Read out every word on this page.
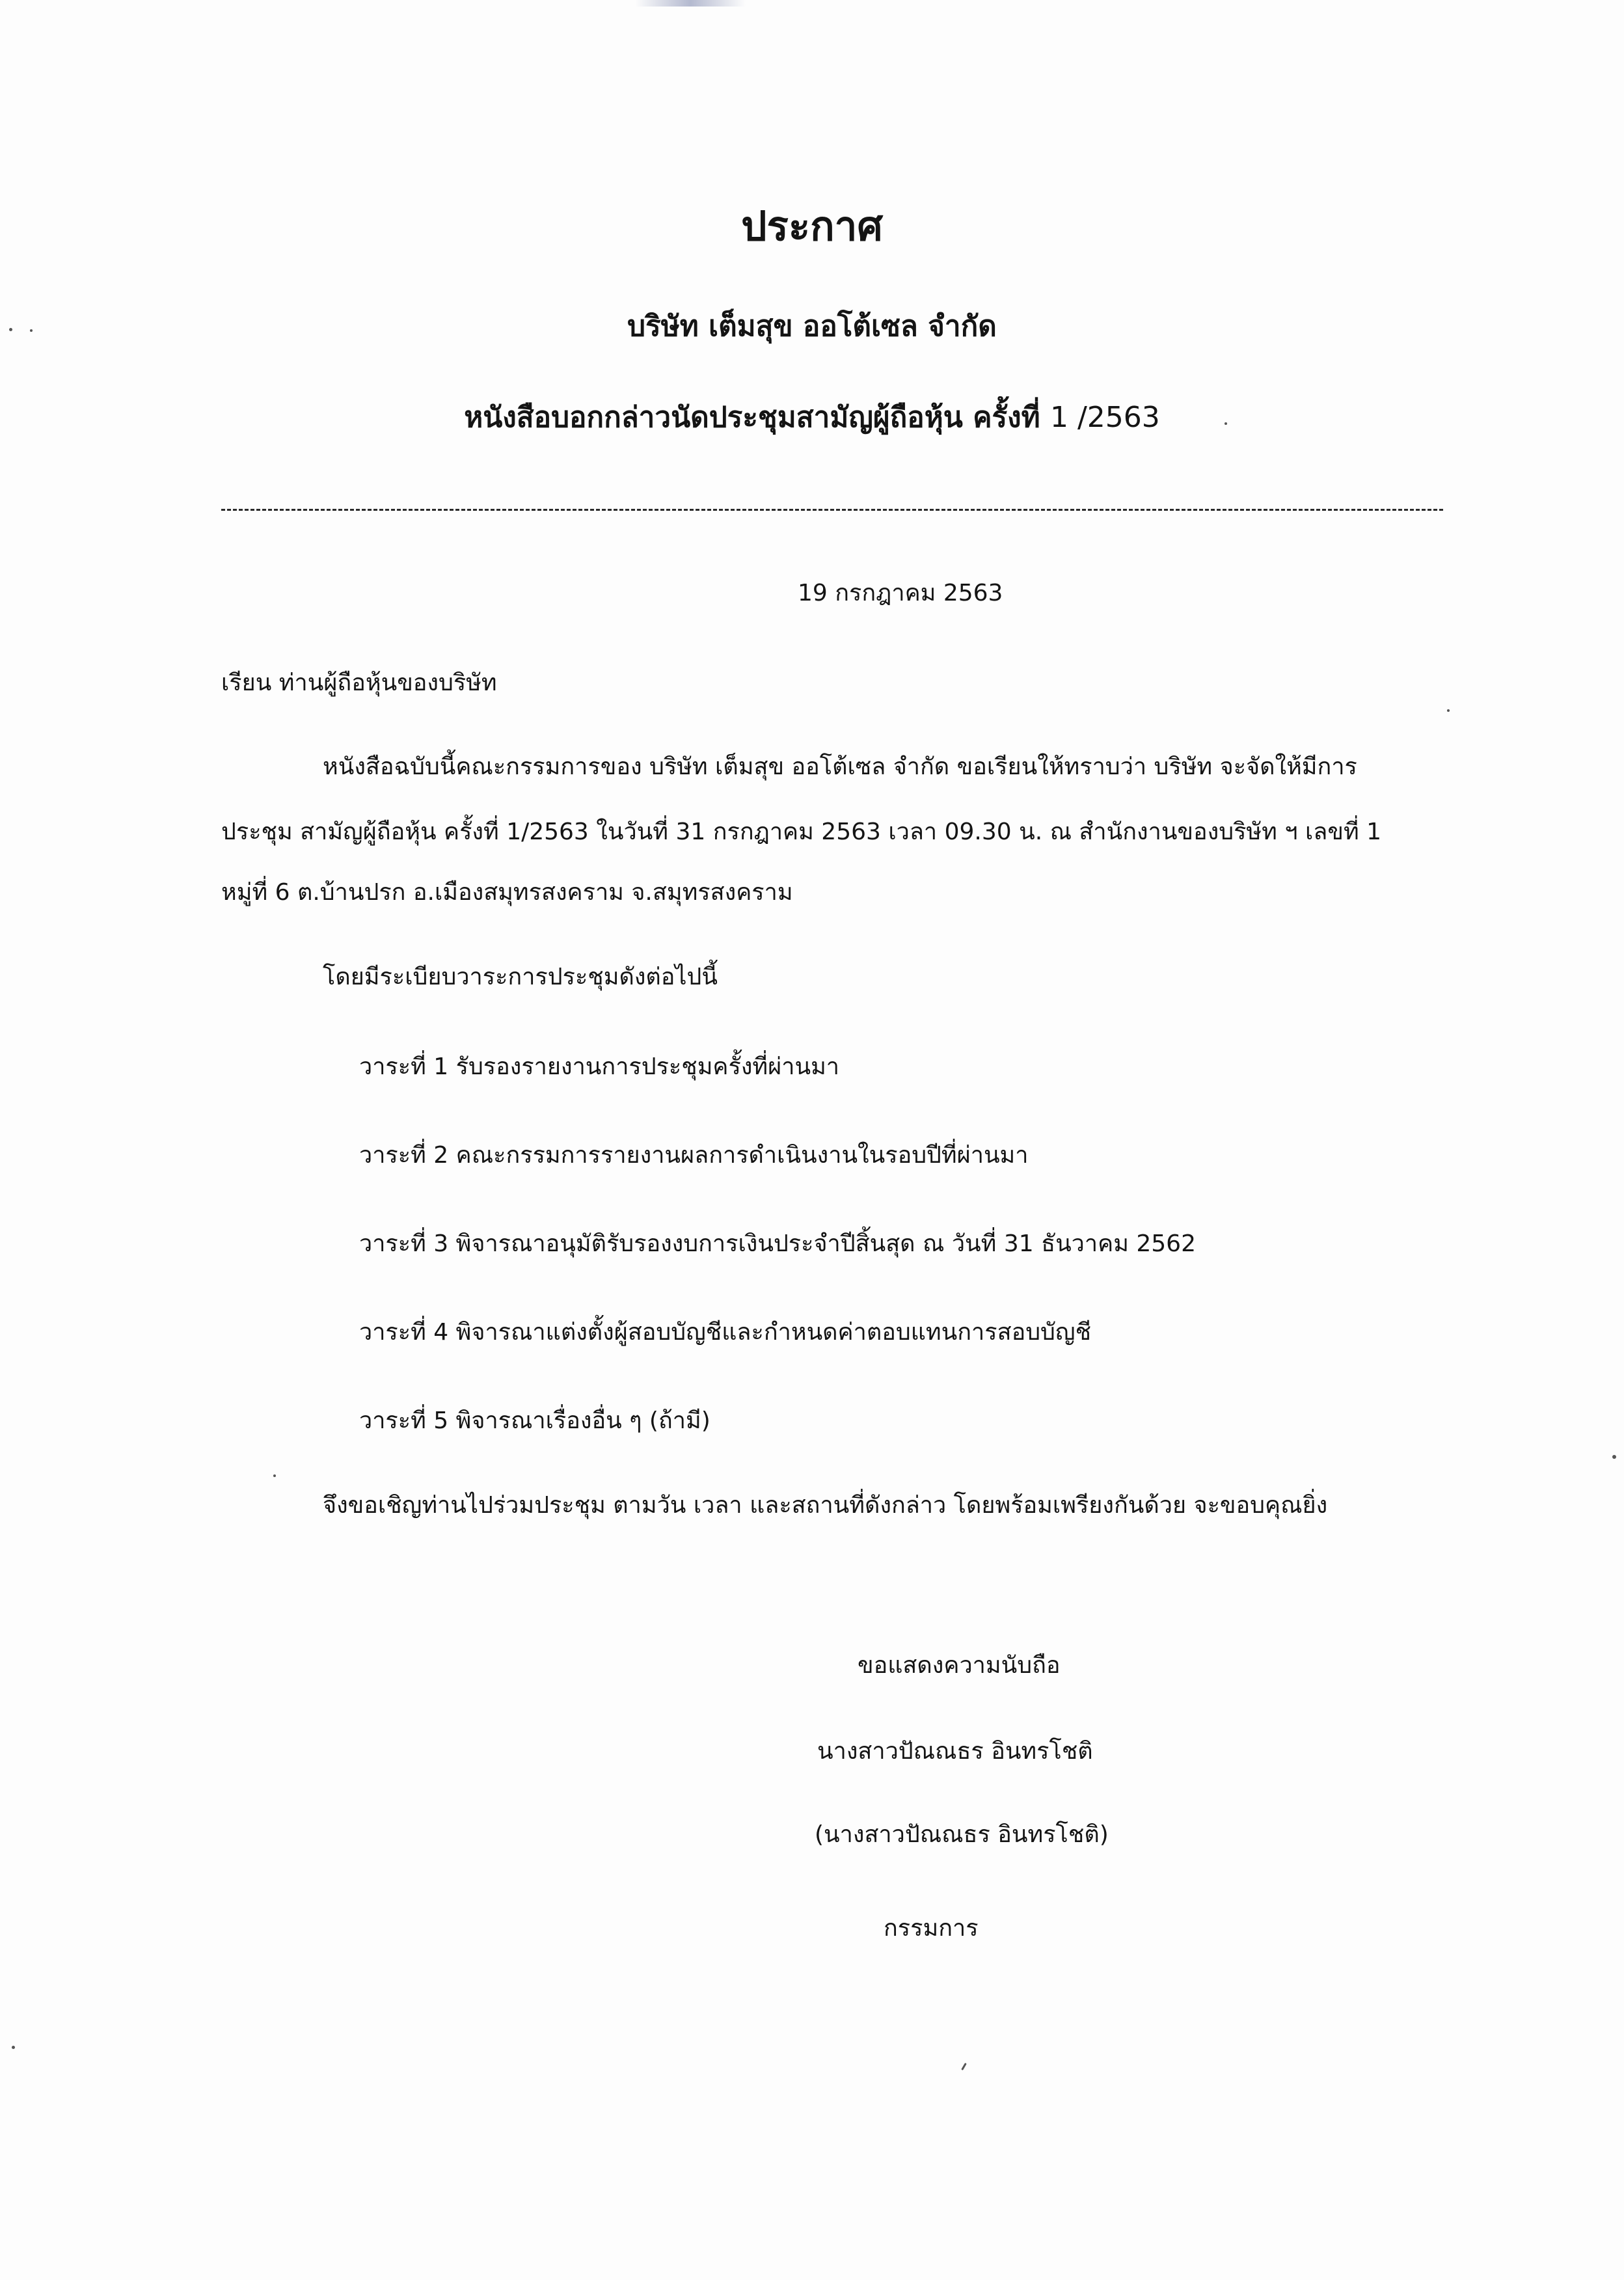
ประกาศ
บริษัท เต็มสุข ออโต้เซล จำกัด
หนังสือบอกกล่าวนัดประชุมสามัญผู้ถือหุ้น ครั้งที่ 1 /2563
19 กรกฎาคม 2563
เรียน ท่านผู้ถือหุ้นของบริษัท
หนังสือฉบับนี้คณะกรรมการของ บริษัท เต็มสุข ออโต้เซล จำกัด ขอเรียนให้ทราบว่า บริษัท จะจัดให้มีการ
ประชุม สามัญผู้ถือหุ้น ครั้งที่ 1/2563 ในวันที่ 31 กรกฎาคม 2563 เวลา 09.30 น. ณ สำนักงานของบริษัท ฯ เลขที่ 1
หมู่ที่ 6 ต.บ้านปรก อ.เมืองสมุทรสงคราม จ.สมุทรสงคราม
โดยมีระเบียบวาระการประชุมดังต่อไปนี้
วาระที่ 1 รับรองรายงานการประชุมครั้งที่ผ่านมา
วาระที่ 2 คณะกรรมการรายงานผลการดำเนินงานในรอบปีที่ผ่านมา
วาระที่ 3 พิจารณาอนุมัติรับรองงบการเงินประจำปีสิ้นสุด ณ วันที่ 31 ธันวาคม 2562
วาระที่ 4 พิจารณาแต่งตั้งผู้สอบบัญชีและกำหนดค่าตอบแทนการสอบบัญชี
วาระที่ 5 พิจารณาเรื่องอื่น ๆ (ถ้ามี)
จึงขอเชิญท่านไปร่วมประชุม ตามวัน เวลา และสถานที่ดังกล่าว โดยพร้อมเพรียงกันด้วย จะขอบคุณยิ่ง
ขอแสดงความนับถือ
นางสาวปัณณธร อินทรโชติ
(นางสาวปัณณธร อินทรโชติ)
กรรมการ
